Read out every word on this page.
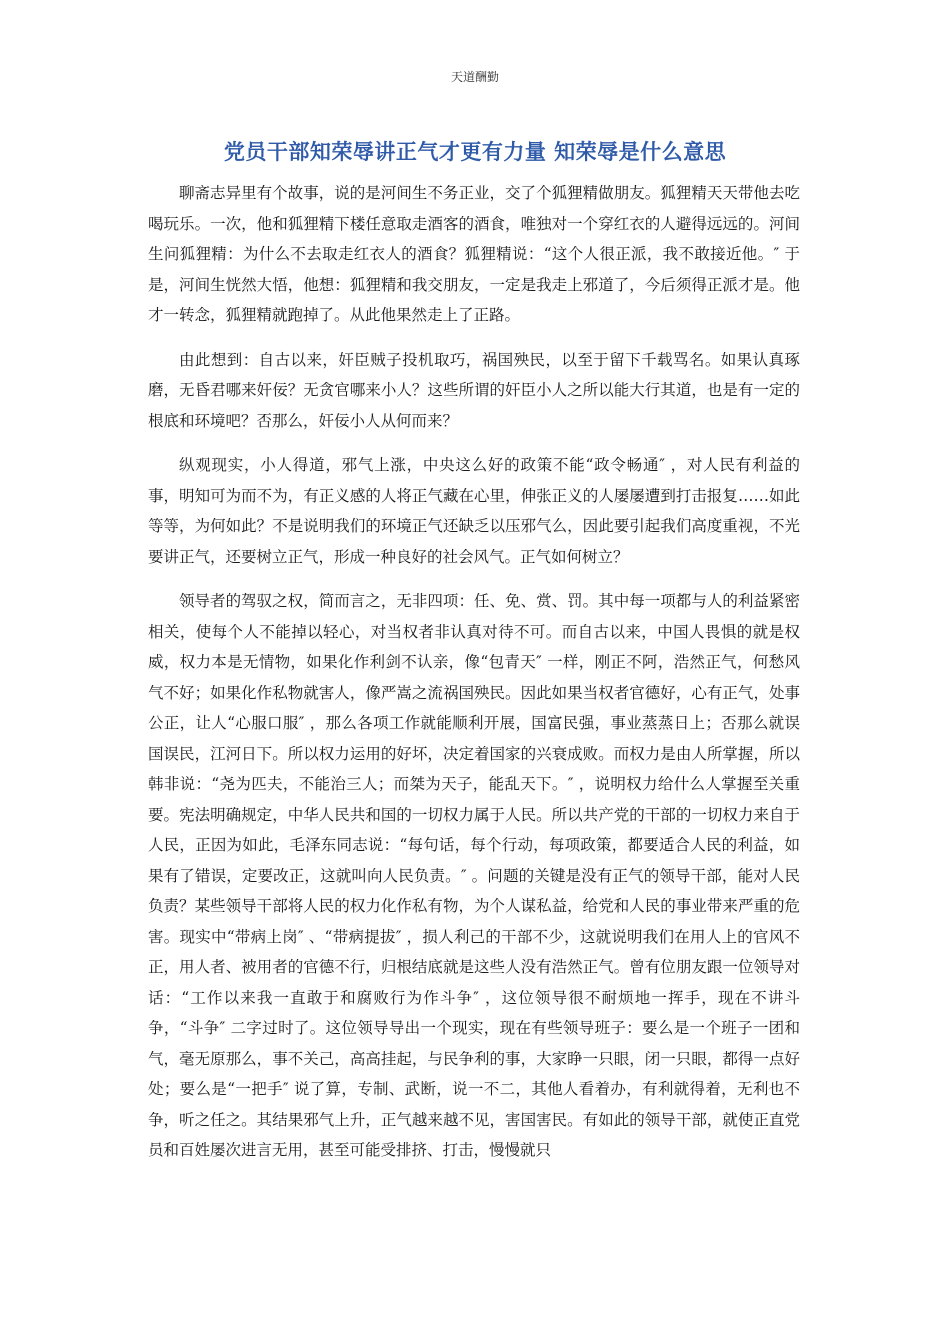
天道酬勤
党员干部知荣辱讲正气才更有力量 知荣辱是什么意思

聊斋志异里有个故事，说的是河间生不务正业，交了个狐狸精做朋友。狐狸精天天带他去吃喝玩乐。一次，他和狐狸精下楼任意取走酒客的酒食，唯独对一个穿红衣的人避得远远的。河间生问狐狸精：为什么不去取走红衣人的酒食？狐狸精说：“这个人很正派，我不敢接近他。″ 于是，河间生恍然大悟，他想：狐狸精和我交朋友，一定是我走上邪道了，今后须得正派才是。他才一转念，狐狸精就跑掉了。从此他果然走上了正路。

由此想到：自古以来，奸臣贼子投机取巧，祸国殃民，以至于留下千载骂名。如果认真琢磨，无昏君哪来奸佞？无贪官哪来小人？这些所谓的奸臣小人之所以能大行其道，也是有一定的根底和环境吧？否那么，奸佞小人从何而来？

纵观现实，小人得道，邪气上涨，中央这么好的政策不能“政令畅通″ ，对人民有利益的事，明知可为而不为，有正义感的人将正气藏在心里，伸张正义的人屡屡遭到打击报复……如此等等，为何如此？不是说明我们的环境正气还缺乏以压邪气么，因此要引起我们高度重视，不光要讲正气，还要树立正气，形成一种良好的社会风气。正气如何树立？

领导者的驾驭之权，简而言之，无非四项：任、免、赏、罚。其中每一项都与人的利益紧密相关，使每个人不能掉以轻心，对当权者非认真对待不可。而自古以来，中国人畏惧的就是权威，权力本是无情物，如果化作利剑不认亲，像“包青天″ 一样，刚正不阿，浩然正气，何愁风气不好；如果化作私物就害人，像严嵩之流祸国殃民。因此如果当权者官德好，心有正气，处事公正，让人“心服口服″ ，那么各项工作就能顺利开展，国富民强，事业蒸蒸日上；否那么就误国误民，江河日下。所以权力运用的好坏，决定着国家的兴衰成败。而权力是由人所掌握，所以韩非说：“尧为匹夫，不能治三人；而桀为天子，能乱天下。″ ，说明权力给什么人掌握至关重要。宪法明确规定，中华人民共和国的一切权力属于人民。所以共产党的干部的一切权力来自于人民，正因为如此，毛泽东同志说：“每句话，每个行动，每项政策，都要适合人民的利益，如果有了错误，定要改正，这就叫向人民负责。″ 。问题的关键是没有正气的领导干部，能对人民负责？某些领导干部将人民的权力化作私有物，为个人谋私益，给党和人民的事业带来严重的危害。现实中“带病上岗″ 、“带病提拔″ ，损人利己的干部不少，这就说明我们在用人上的官风不正，用人者、被用者的官德不行，归根结底就是这些人没有浩然正气。曾有位朋友跟一位领导对话：“工作以来我一直敢于和腐败行为作斗争″ ，这位领导很不耐烦地一挥手，现在不讲斗争，“斗争″ 二字过时了。这位领导导出一个现实，现在有些领导班子：要么是一个班子一团和气，毫无原那么，事不关己，高高挂起，与民争利的事，大家睁一只眼，闭一只眼，都得一点好处；要么是“一把手″ 说了算，专制、武断，说一不二，其他人看着办，有利就得着，无利也不争，听之任之。其结果邪气上升，正气越来越不见，害国害民。有如此的领导干部，就使正直党员和百姓屡次进言无用，甚至可能受排挤、打击，慢慢就只
